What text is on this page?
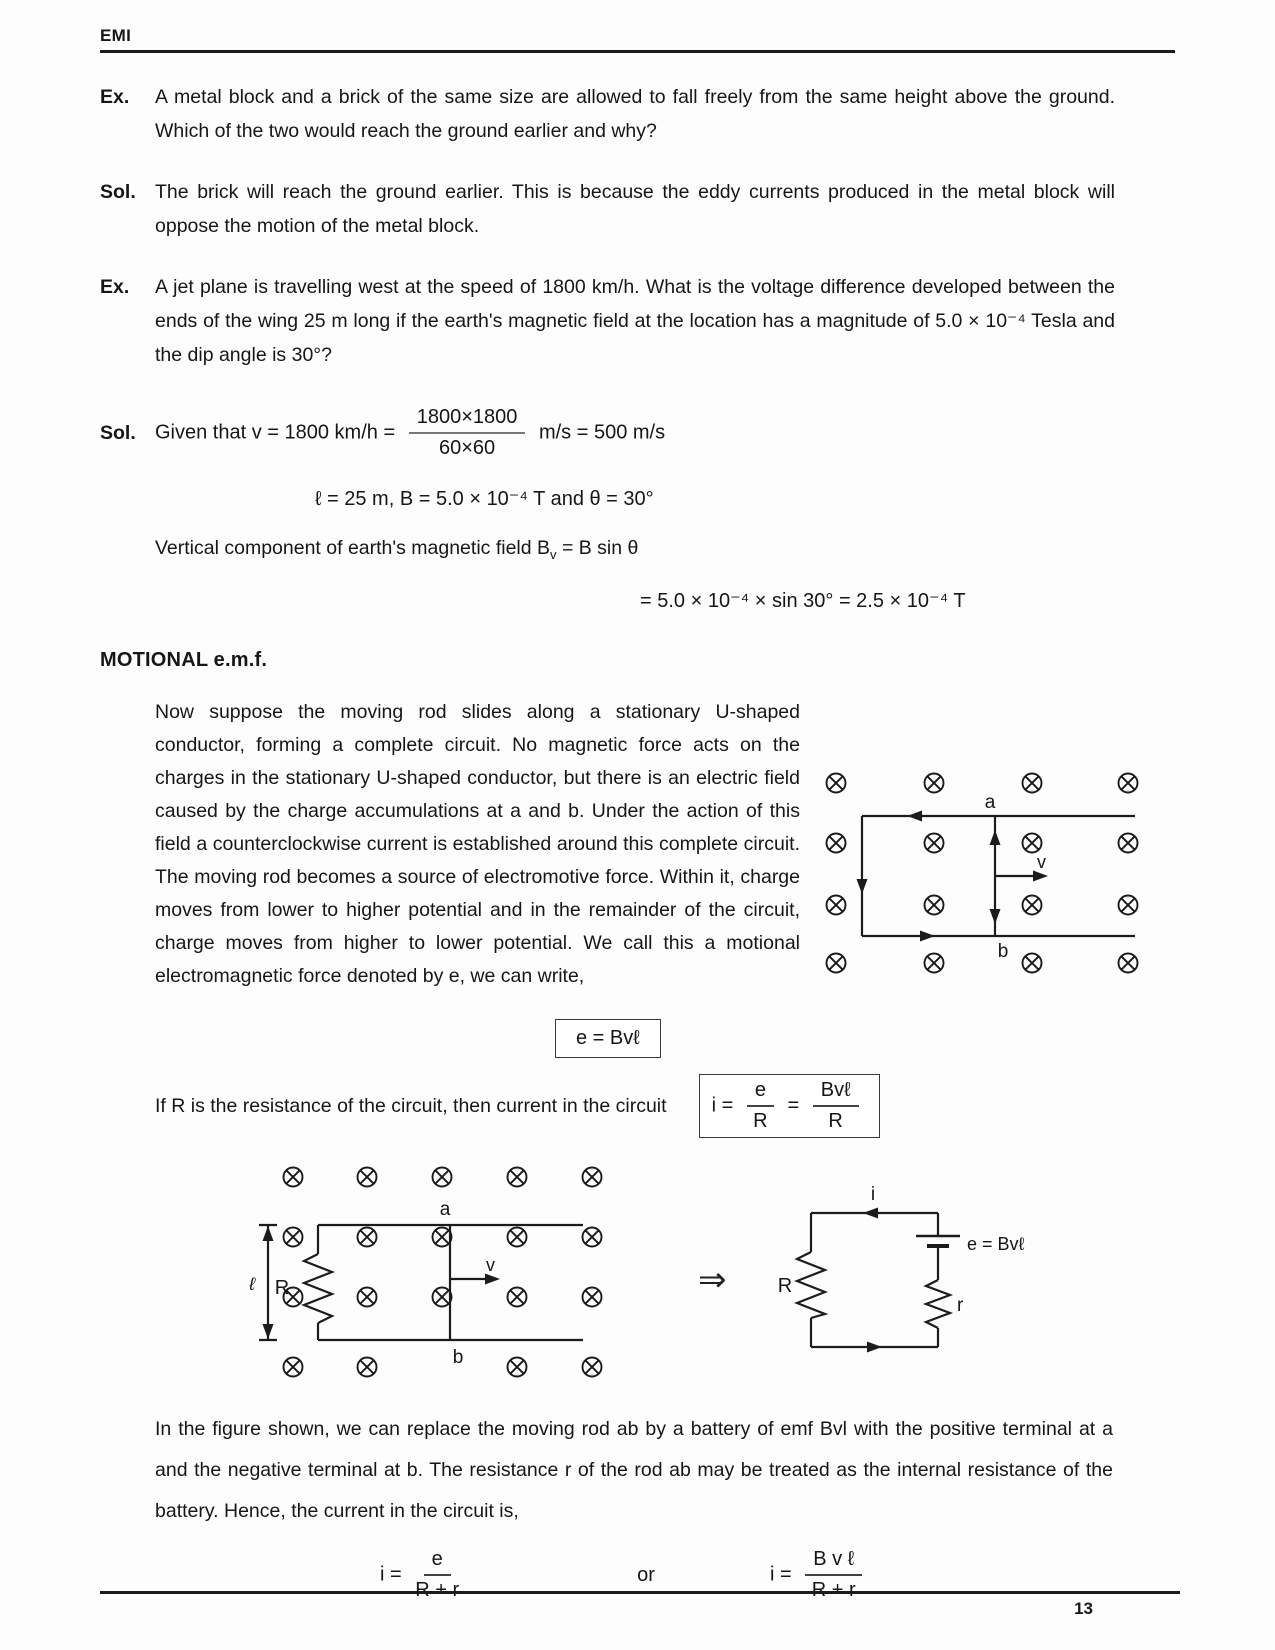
EMI
Ex.	A metal block and a brick of the same size are allowed to fall freely from the same height above the ground. Which of the two would reach the ground earlier and why?
Sol. The brick will reach the ground earlier. This is because the eddy currents produced in the metal block will oppose the motion of the metal block.
Ex.	A jet plane is travelling west at the speed of 1800 km/h. What is the voltage difference developed between the ends of the wing 25 m long if the earth's magnetic field at the location has a magnitude of 5.0 × 10⁻⁴ Tesla and the dip angle is 30°?
Sol. Given that v = 1800 $km/h = \frac{1800\times 1800}{60\times 60} m/s = 500$ m/s
ℓ = 25 m, B = 5.0 × 10⁻⁴ T and θ = 30°
Vertical component of earth's magnetic field $B_v = B$ sin θ
= 5.0 × 10⁻⁴ × sin 30° = 2.5 × 10⁻⁴ T
MOTIONAL e.m.f.
Now suppose the moving rod slides along a stationary U-shaped conductor, forming a complete circuit. No magnetic force acts on the charges in the stationary U-shaped conductor, but there is an electric field caused by the charge accumulations at a and b. Under the action of this field a counterclockwise current is established around this complete circuit. The moving rod becomes a source of electromotive force. Within it, charge moves from lower to higher potential and in the remainder of the circuit, charge moves from higher to lower potential. We call this a motional electromagnetic force denoted by e, we can write,
a
b
v
e = Bvℓ
If R is the resistance of the circuit, then current in the circuit	$i = \frac{e}{R} = \frac{\text{Bvℓ}}{R}$
a
b
v
R
ℓ	⇒
i
R
e = Bvℓ
r
In the figure shown, we can replace the moving rod ab by a battery of emf Bvl with the positive terminal at a and the negative terminal at b. The resistance r of the rod ab may be treated as the internal resistance of the battery. Hence, the current in the circuit is,
$i = \frac{e}{R + r}$	or	$i = \frac{\text{B v ℓ}}{R + r}$
13
